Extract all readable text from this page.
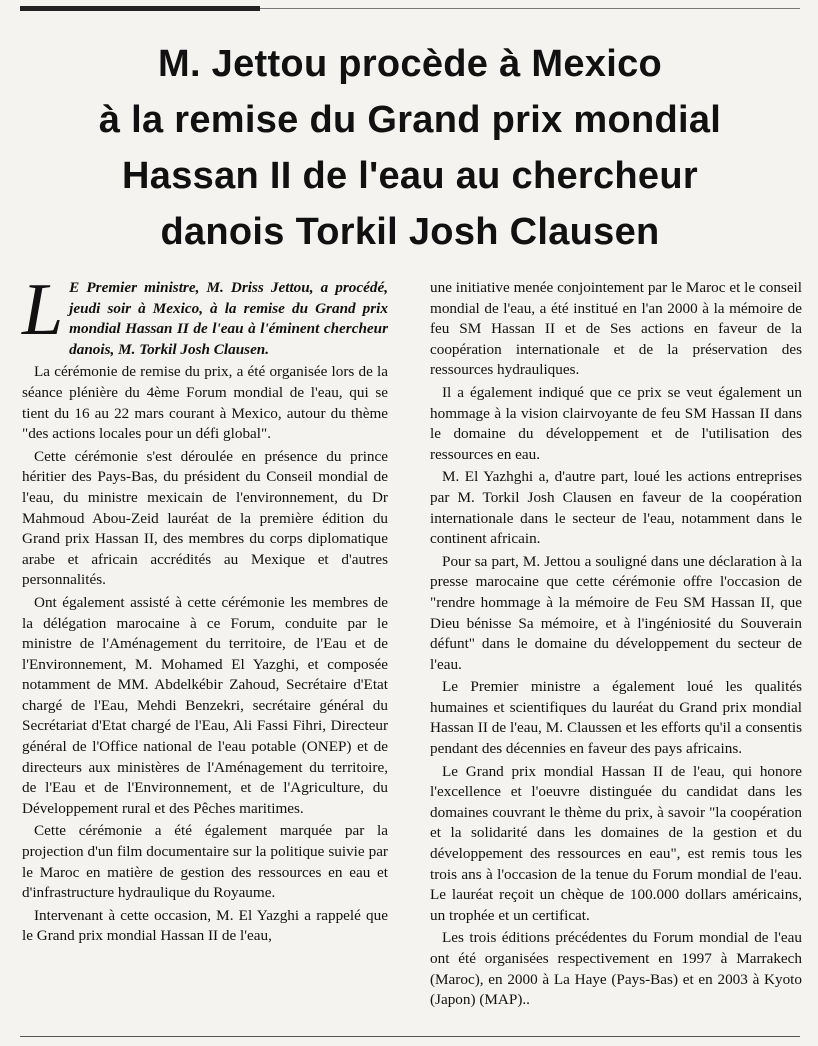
M. Jettou procède à Mexico
à la remise du Grand prix mondial
Hassan II de l'eau au chercheur
danois Torkil Josh Clausen

L E Premier ministre, M. Driss Jettou, a procédé, jeudi soir à Mexico, à la remise du Grand prix mondial Hassan II de l'eau à l'éminent chercheur danois, M. Torkil Josh Clausen.

La cérémonie de remise du prix, a été organisée lors de la séance plénière du 4ème Forum mondial de l'eau, qui se tient du 16 au 22 mars courant à Mexico, autour du thème "des actions locales pour un défi global".

Cette cérémonie s'est déroulée en présence du prince héritier des Pays-Bas, du président du Conseil mondial de l'eau, du ministre mexicain de l'environnement, du Dr Mahmoud Abou-Zeid lauréat de la première édition du Grand prix Hassan II, des membres du corps diplomatique arabe et africain accrédités au Mexique et d'autres personnalités.

Ont également assisté à cette cérémonie les membres de la délégation marocaine à ce Forum, conduite par le ministre de l'Aménagement du territoire, de l'Eau et de l'Environnement, M. Mohamed El Yazghi, et composée notamment de MM. Abdelkébir Zahoud, Secrétaire d'Etat chargé de l'Eau, Mehdi Benzekri, secrétaire général du Secrétariat d'Etat chargé de l'Eau, Ali Fassi Fihri, Directeur général de l'Office national de l'eau potable (ONEP) et de directeurs aux ministères de l'Aménagement du territoire, de l'Eau et de l'Environnement, et de l'Agriculture, du Développement rural et des Pêches maritimes.

Cette cérémonie a été également marquée par la projection d'un film documentaire sur la politique suivie par le Maroc en matière de gestion des ressources en eau et d'infrastructure hydraulique du Royaume.

Intervenant à cette occasion, M. El Yazghi a rappelé que le Grand prix mondial Hassan II de l'eau,

une initiative menée conjointement par le Maroc et le conseil mondial de l'eau, a été institué en l'an 2000 à la mémoire de feu SM Hassan II et de Ses actions en faveur de la coopération internationale et de la préservation des ressources hydrauliques.

Il a également indiqué que ce prix se veut également un hommage à la vision clairvoyante de feu SM Hassan II dans le domaine du développement et de l'utilisation des ressources en eau.

M. El Yazhghi a, d'autre part, loué les actions entreprises par M. Torkil Josh Clausen en faveur de la coopération internationale dans le secteur de l'eau, notamment dans le continent africain.

Pour sa part, M. Jettou a souligné dans une déclaration à la presse marocaine que cette cérémonie offre l'occasion de "rendre hommage à la mémoire de Feu SM Hassan II, que Dieu bénisse Sa mémoire, et à l'ingéniosité du Souverain défunt" dans le domaine du développement du secteur de l'eau.

Le Premier ministre a également loué les qualités humaines et scientifiques du lauréat du Grand prix mondial Hassan II de l'eau, M. Claussen et les efforts qu'il a consentis pendant des décennies en faveur des pays africains.

Le Grand prix mondial Hassan II de l'eau, qui honore l'excellence et l'oeuvre distinguée du candidat dans les domaines couvrant le thème du prix, à savoir "la coopération et la solidarité dans les domaines de la gestion et du développement des ressources en eau", est remis tous les trois ans à l'occasion de la tenue du Forum mondial de l'eau. Le lauréat reçoit un chèque de 100.000 dollars américains, un trophée et un certificat.

Les trois éditions précédentes du Forum mondial de l'eau ont été organisées respectivement en 1997 à Marrakech (Maroc), en 2000 à La Haye (Pays-Bas) et en 2003 à Kyoto (Japon) (MAP)..
